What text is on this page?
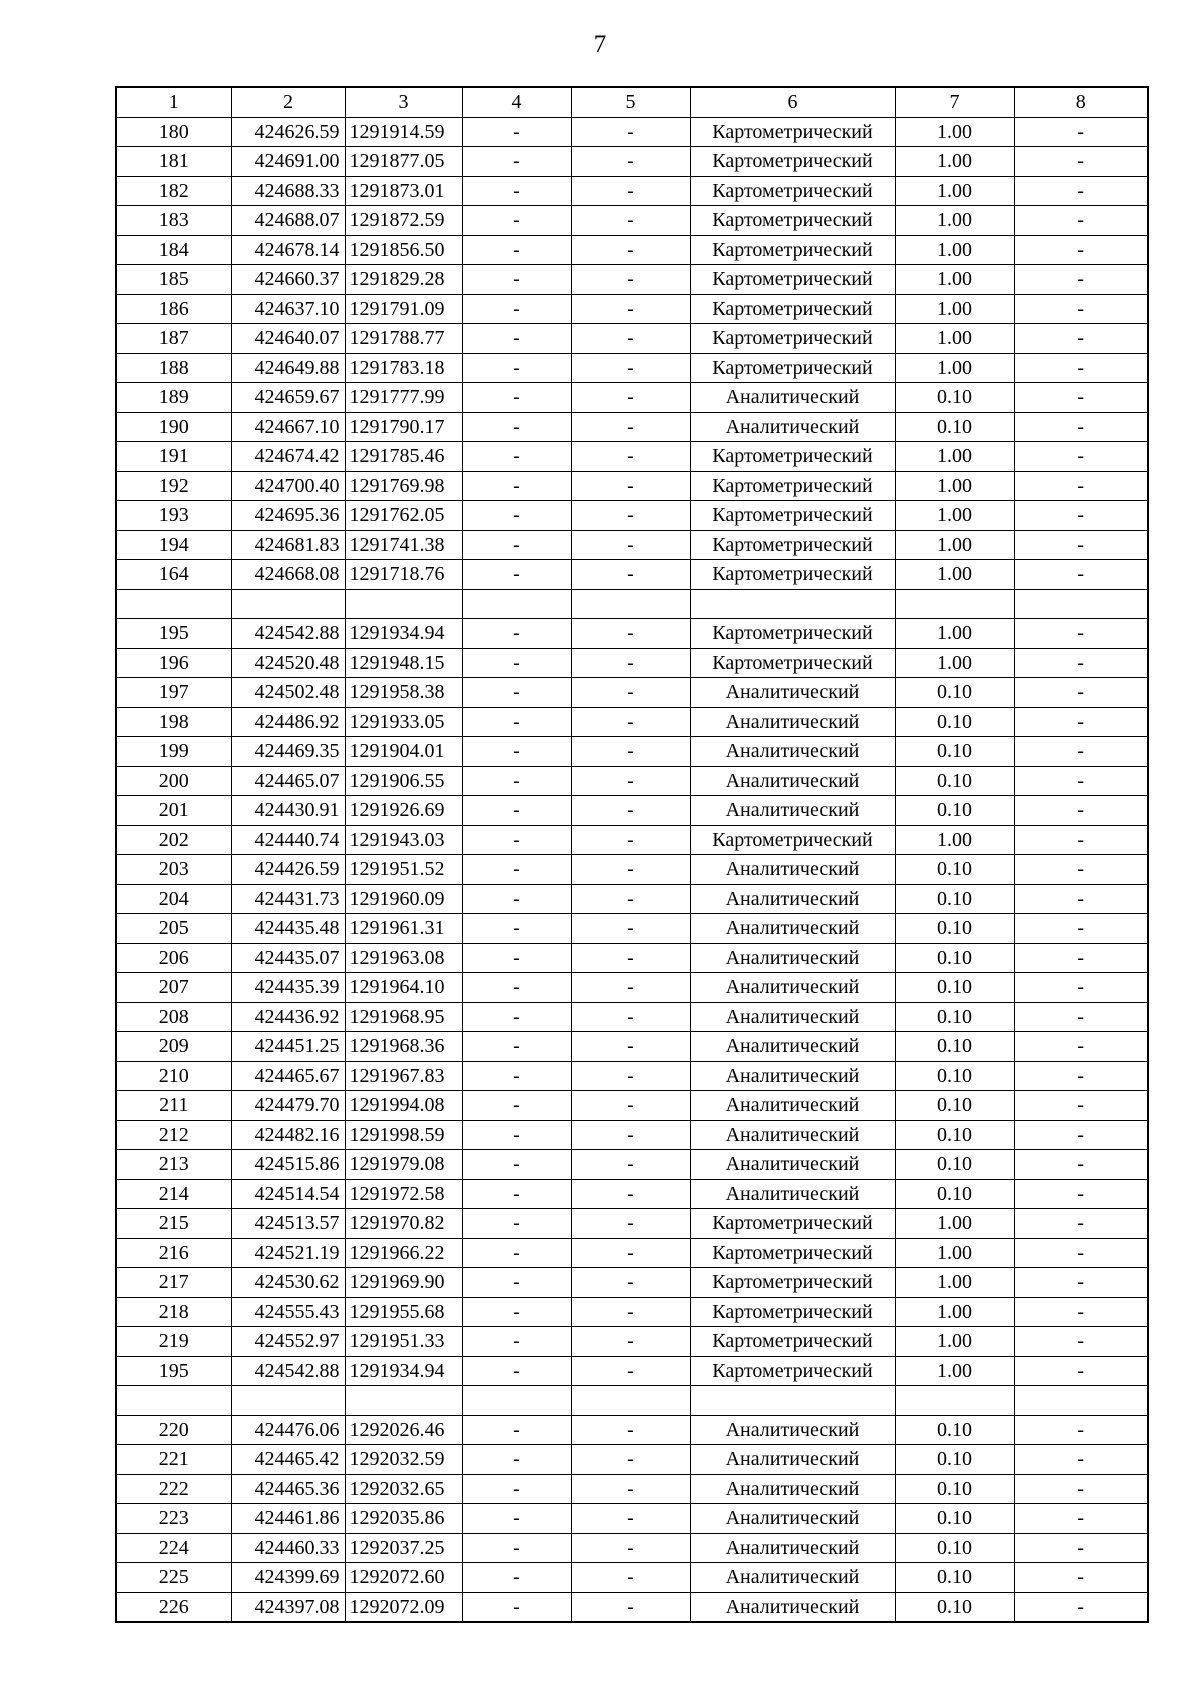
7
1	2	3	4	5	6	7	8
180	424626.59	1291914.59	-	-	Картометрический	1.00	-
181	424691.00	1291877.05	-	-	Картометрический	1.00	-
182	424688.33	1291873.01	-	-	Картометрический	1.00	-
183	424688.07	1291872.59	-	-	Картометрический	1.00	-
184	424678.14	1291856.50	-	-	Картометрический	1.00	-
185	424660.37	1291829.28	-	-	Картометрический	1.00	-
186	424637.10	1291791.09	-	-	Картометрический	1.00	-
187	424640.07	1291788.77	-	-	Картометрический	1.00	-
188	424649.88	1291783.18	-	-	Картометрический	1.00	-
189	424659.67	1291777.99	-	-	Аналитический	0.10	-
190	424667.10	1291790.17	-	-	Аналитический	0.10	-
191	424674.42	1291785.46	-	-	Картометрический	1.00	-
192	424700.40	1291769.98	-	-	Картометрический	1.00	-
193	424695.36	1291762.05	-	-	Картометрический	1.00	-
194	424681.83	1291741.38	-	-	Картометрический	1.00	-
164	424668.08	1291718.76	-	-	Картометрический	1.00	-

195	424542.88	1291934.94	-	-	Картометрический	1.00	-
196	424520.48	1291948.15	-	-	Картометрический	1.00	-
197	424502.48	1291958.38	-	-	Аналитический	0.10	-
198	424486.92	1291933.05	-	-	Аналитический	0.10	-
199	424469.35	1291904.01	-	-	Аналитический	0.10	-
200	424465.07	1291906.55	-	-	Аналитический	0.10	-
201	424430.91	1291926.69	-	-	Аналитический	0.10	-
202	424440.74	1291943.03	-	-	Картометрический	1.00	-
203	424426.59	1291951.52	-	-	Аналитический	0.10	-
204	424431.73	1291960.09	-	-	Аналитический	0.10	-
205	424435.48	1291961.31	-	-	Аналитический	0.10	-
206	424435.07	1291963.08	-	-	Аналитический	0.10	-
207	424435.39	1291964.10	-	-	Аналитический	0.10	-
208	424436.92	1291968.95	-	-	Аналитический	0.10	-
209	424451.25	1291968.36	-	-	Аналитический	0.10	-
210	424465.67	1291967.83	-	-	Аналитический	0.10	-
211	424479.70	1291994.08	-	-	Аналитический	0.10	-
212	424482.16	1291998.59	-	-	Аналитический	0.10	-
213	424515.86	1291979.08	-	-	Аналитический	0.10	-
214	424514.54	1291972.58	-	-	Аналитический	0.10	-
215	424513.57	1291970.82	-	-	Картометрический	1.00	-
216	424521.19	1291966.22	-	-	Картометрический	1.00	-
217	424530.62	1291969.90	-	-	Картометрический	1.00	-
218	424555.43	1291955.68	-	-	Картометрический	1.00	-
219	424552.97	1291951.33	-	-	Картометрический	1.00	-
195	424542.88	1291934.94	-	-	Картометрический	1.00	-

220	424476.06	1292026.46	-	-	Аналитический	0.10	-
221	424465.42	1292032.59	-	-	Аналитический	0.10	-
222	424465.36	1292032.65	-	-	Аналитический	0.10	-
223	424461.86	1292035.86	-	-	Аналитический	0.10	-
224	424460.33	1292037.25	-	-	Аналитический	0.10	-
225	424399.69	1292072.60	-	-	Аналитический	0.10	-
226	424397.08	1292072.09	-	-	Аналитический	0.10	-
